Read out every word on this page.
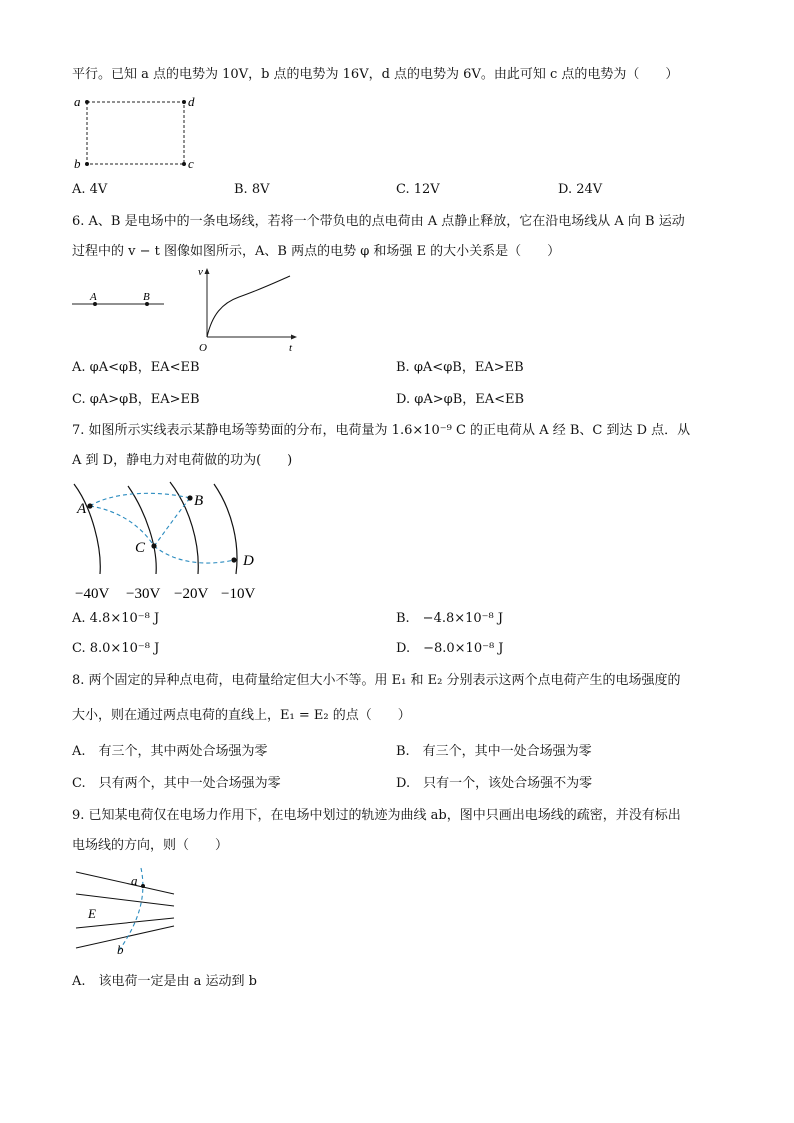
平行。已知 a 点的电势为 10V，b 点的电势为 16V，d 点的电势为 6V。由此可知 c 点的电势为（　　）
a	d
b	c
A. 4V	B. 8V	C. 12V	D. 24V
6. A、B 是电场中的一条电场线，若将一个带负电的点电荷由 A 点静止释放，它在沿电场线从 A 向 B 运动
过程中的 v − t 图像如图所示，A、B 两点的电势 φ 和场强 E 的大小关系是（　　）
A	B
v
t
O
A. φA<φB，EA<EB	B. φA<φB，EA>EB
C. φA>φB，EA>EB	D. φA>φB，EA<EB
7. 如图所示实线表示某静电场等势面的分布，电荷量为 1.6×10⁻⁹ C 的正电荷从 A 经 B、C 到达 D 点．从
A 到 D，静电力对电荷做的功为(　　)
A	B
C
D
−40V −30V −20V −10V
A. 4.8×10⁻⁸ J	B.　−4.8×10⁻⁸ J
C. 8.0×10⁻⁸ J	D.　−8.0×10⁻⁸ J
8. 两个固定的异种点电荷，电荷量给定但大小不等。用 E₁ 和 E₂ 分别表示这两个点电荷产生的电场强度的
大小，则在通过两点电荷的直线上，E₁ = E₂ 的点（　　）
A.　有三个，其中两处合场强为零	B.　有三个，其中一处合场强为零
C.　只有两个，其中一处合场强为零	D.　只有一个，该处合场强不为零
9. 已知某电荷仅在电场力作用下，在电场中划过的轨迹为曲线 ab，图中只画出电场线的疏密，并没有标出
电场线的方向，则（　　）
a
b
E
A.　该电荷一定是由 a 运动到 b
